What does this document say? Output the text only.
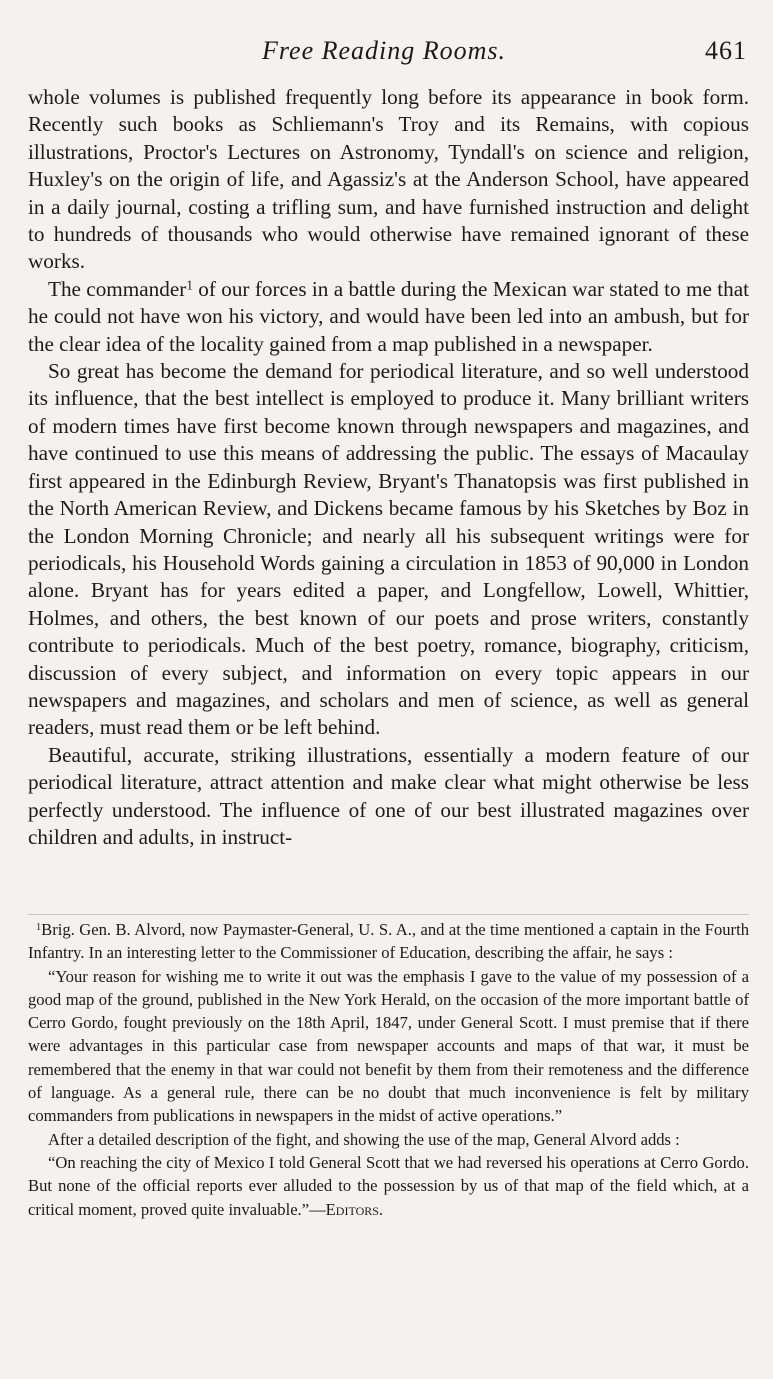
Free Reading Rooms.	461

whole volumes is published frequently long before its appearance in book form. Recently such books as Schliemann's Troy and its Remains, with copious illustrations, Proctor's Lectures on Astronomy, Tyndall's on science and religion, Huxley's on the origin of life, and Agassiz's at the Anderson School, have appeared in a daily journal, costing a trifling sum, and have furnished instruction and delight to hundreds of thousands who would otherwise have remained ignorant of these works.

The commander$^1$ of our forces in a battle during the Mexican war stated to me that he could not have won his victory, and would have been led into an ambush, but for the clear idea of the locality gained from a map published in a newspaper.

So great has become the demand for periodical literature, and so well understood its influence, that the best intellect is employed to produce it. Many brilliant writers of modern times have first become known through newspapers and magazines, and have continued to use this means of addressing the public. The essays of Macaulay first appeared in the Edinburgh Review, Bryant's Thanatopsis was first published in the North American Review, and Dickens became famous by his Sketches by Boz in the London Morning Chronicle; and nearly all his subsequent writings were for periodicals, his Household Words gaining a circulation in 1853 of 90,000 in London alone. Bryant has for years edited a paper, and Longfellow, Lowell, Whittier, Holmes, and others, the best known of our poets and prose writers, constantly contribute to periodicals. Much of the best poetry, romance, biography, criticism, discussion of every subject, and information on every topic appears in our newspapers and magazines, and scholars and men of science, as well as general readers, must read them or be left behind.

Beautiful, accurate, striking illustrations, essentially a modern feature of our periodical literature, attract attention and make clear what might otherwise be less perfectly understood. The influence of one of our best illustrated magazines over children and adults, in instruct-

$^1$Brig. Gen. B. Alvord, now Paymaster-General, U. S. A., and at the time mentioned a captain in the Fourth Infantry. In an interesting letter to the Commissioner of Education, describing the affair, he says :

“Your reason for wishing me to write it out was the emphasis I gave to the value of my possession of a good map of the ground, published in the New York Herald, on the occasion of the more important battle of Cerro Gordo, fought previously on the 18th April, 1847, under General Scott. I must premise that if there were advantages in this particular case from newspaper accounts and maps of that war, it must be remembered that the enemy in that war could not benefit by them from their remoteness and the difference of language. As a general rule, there can be no doubt that much inconvenience is felt by military commanders from publications in newspapers in the midst of active operations.”

After a detailed description of the fight, and showing the use of the map, General Alvord adds :

“On reaching the city of Mexico I told General Scott that we had reversed his operations at Cerro Gordo. But none of the official reports ever alluded to the possession by us of that map of the field which, at a critical moment, proved quite invaluable.”—Editors.
